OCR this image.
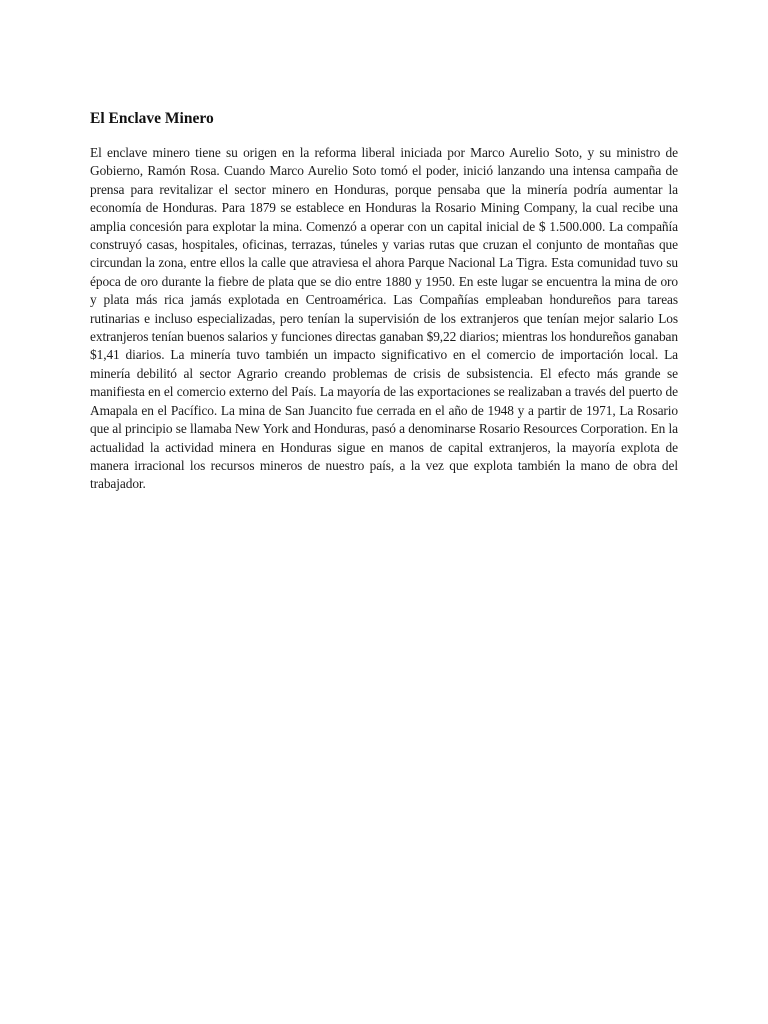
El Enclave Minero

El enclave minero tiene su origen en la reforma liberal iniciada por Marco Aurelio Soto, y su ministro de Gobierno, Ramón Rosa. Cuando Marco Aurelio Soto tomó el poder, inició lanzando una intensa campaña de prensa para revitalizar el sector minero en Honduras, porque pensaba que la minería podría aumentar la economía de Honduras. Para 1879 se establece en Honduras la Rosario Mining Company, la cual recibe una amplia concesión para explotar la mina. Comenzó a operar con un capital inicial de $ 1.500.000. La compañía construyó casas, hospitales, oficinas, terrazas, túneles y varias rutas que cruzan el conjunto de montañas que circundan la zona, entre ellos la calle que atraviesa el ahora Parque Nacional La Tigra. Esta comunidad tuvo su época de oro durante la fiebre de plata que se dio entre 1880 y 1950. En este lugar se encuentra la mina de oro y plata más rica jamás explotada en Centroamérica. Las Compañías empleaban hondureños para tareas rutinarias e incluso especializadas, pero tenían la supervisión de los extranjeros que tenían mejor salario Los extranjeros tenían buenos salarios y funciones directas ganaban $9,22 diarios; mientras los hondureños ganaban $1,41 diarios. La minería tuvo también un impacto significativo en el comercio de importación local. La minería debilitó al sector Agrario creando problemas de crisis de subsistencia. El efecto más grande se manifiesta en el comercio externo del País. La mayoría de las exportaciones se realizaban a través del puerto de Amapala en el Pacífico. La mina de San Juancito fue cerrada en el año de 1948 y a partir de 1971, La Rosario que al principio se llamaba New York and Honduras, pasó a denominarse Rosario Resources Corporation. En la actualidad la actividad minera en Honduras sigue en manos de capital extranjeros, la mayoría explota de manera irracional los recursos mineros de nuestro país, a la vez que explota también la mano de obra del trabajador.
